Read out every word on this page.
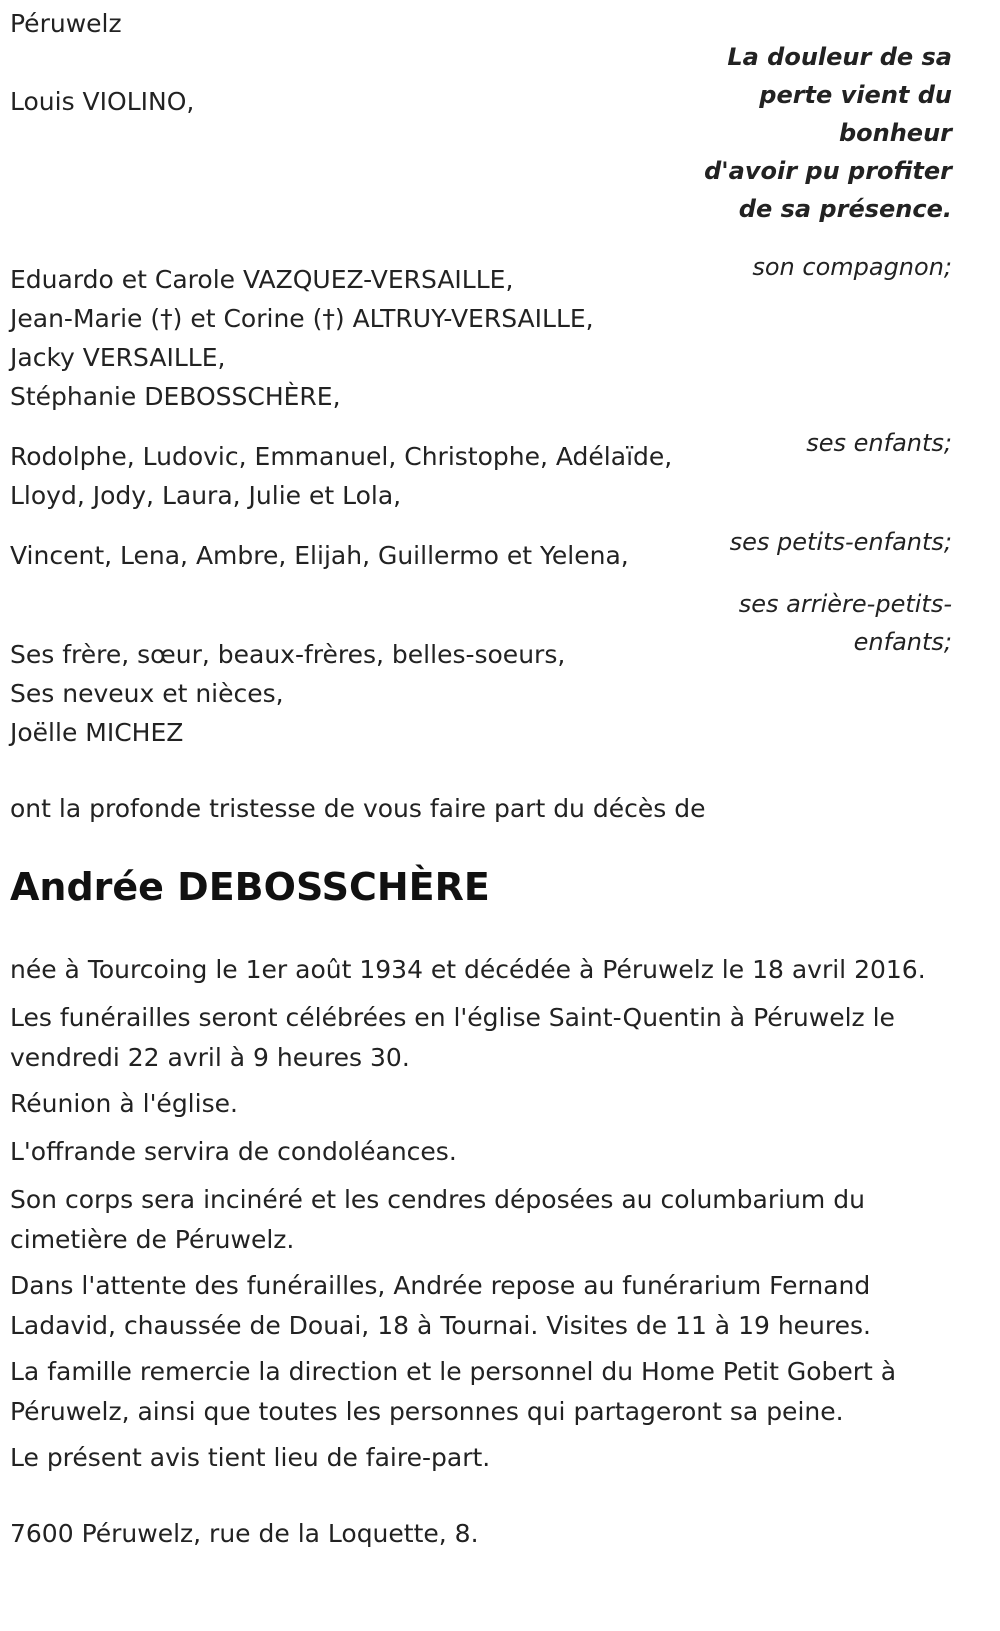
Péruwelz

La douleur de sa
perte vient du
bonheur
d'avoir pu profiter
de sa présence.

Louis VIOLINO,

son compagnon;

Eduardo et Carole VAZQUEZ-VERSAILLE,

Jean-Marie (†) et Corine (†) ALTRUY-VERSAILLE,

Jacky VERSAILLE,

Stéphanie DEBOSSCHÈRE,

ses enfants;

Rodolphe, Ludovic, Emmanuel, Christophe, Adélaïde,

Lloyd, Jody, Laura, Julie et Lola,

ses petits-enfants;

Vincent, Lena, Ambre, Elijah, Guillermo et Yelena,

ses arrière-petits-enfants;

Ses frère, sœur, beaux-frères, belles-soeurs,

Ses neveux et nièces,

Joëlle MICHEZ

ont la profonde tristesse de vous faire part du décès de

Andrée DEBOSSCHÈRE

née à Tourcoing le 1er août 1934 et décédée à Péruwelz le 18 avril 2016.

Les funérailles seront célébrées en l'église Saint-Quentin à Péruwelz le vendredi 22 avril à 9 heures 30.

Réunion à l'église.

L'offrande servira de condoléances.

Son corps sera incinéré et les cendres déposées au columbarium du cimetière de Péruwelz.

Dans l'attente des funérailles, Andrée repose au funérarium Fernand Ladavid, chaussée de Douai, 18 à Tournai. Visites de 11 à 19 heures.

La famille remercie la direction et le personnel du Home Petit Gobert à Péruwelz, ainsi que toutes les personnes qui partageront sa peine.

Le présent avis tient lieu de faire-part.

7600 Péruwelz, rue de la Loquette, 8.
